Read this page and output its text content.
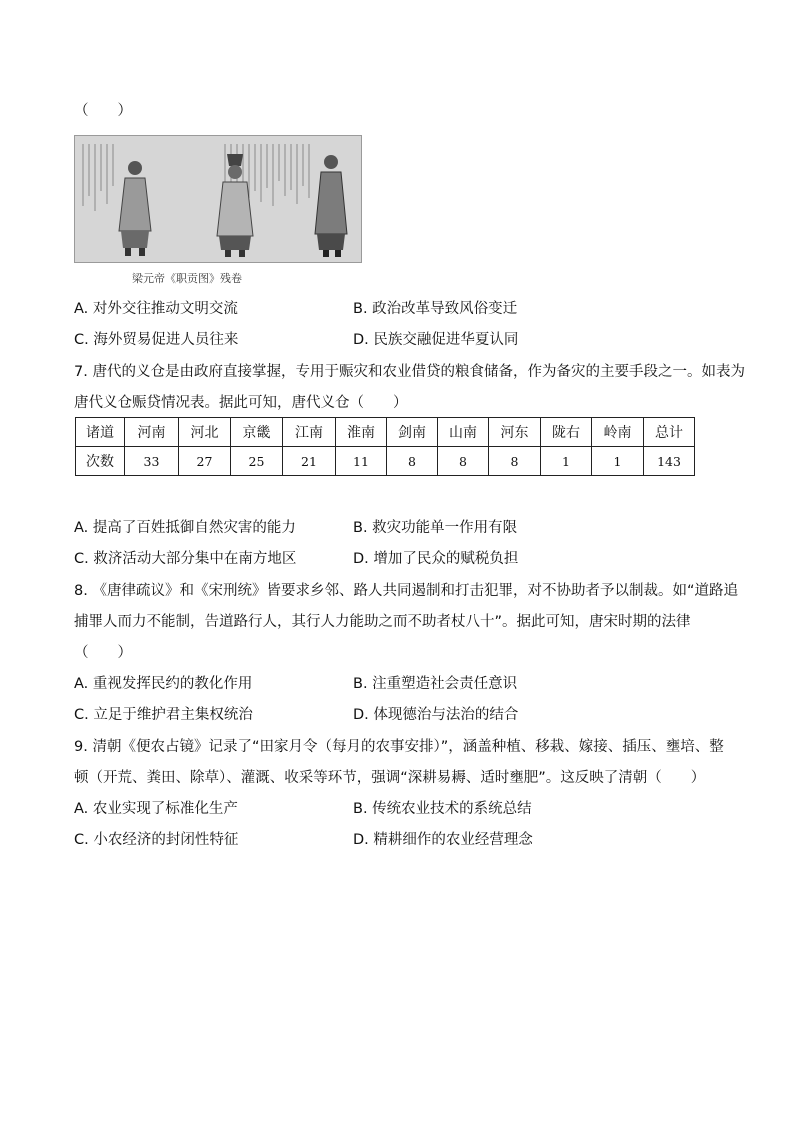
（　　）
梁元帝《职贡图》残卷
A. 对外交往推动文明交流	B. 政治改革导致风俗变迁
C. 海外贸易促进人员往来	D. 民族交融促进华夏认同
7. 唐代的义仓是由政府直接掌握，专用于赈灾和农业借贷的粮食储备，作为备灾的主要手段之一。如表为
唐代义仓赈贷情况表。据此可知，唐代义仓（　　）
诸道	河南	河北	京畿	江南	淮南	剑南	山南	河东	陇右	岭南	总计
次数	33	27	25	21	11	8	8	8	1	1	143
A. 提高了百姓抵御自然灾害的能力	B. 救灾功能单一作用有限
C. 救济活动大部分集中在南方地区	D. 增加了民众的赋税负担
8. 《唐律疏议》和《宋刑统》皆要求乡邻、路人共同遏制和打击犯罪，对不协助者予以制裁。如“道路追
捕罪人而力不能制，告道路行人，其行人力能助之而不助者杖八十”。据此可知，唐宋时期的法律
（　　）
A. 重视发挥民约的教化作用	B. 注重塑造社会责任意识
C. 立足于维护君主集权统治	D. 体现德治与法治的结合
9. 清朝《便农占镜》记录了“田家月令（每月的农事安排）”，涵盖种植、移栽、嫁接、插压、壅培、整
顿（开荒、粪田、除草）、灌溉、收采等环节，强调“深耕易耨、适时壅肥”。这反映了清朝（　　）
A. 农业实现了标准化生产	B. 传统农业技术的系统总结
C. 小农经济的封闭性特征	D. 精耕细作的农业经营理念
